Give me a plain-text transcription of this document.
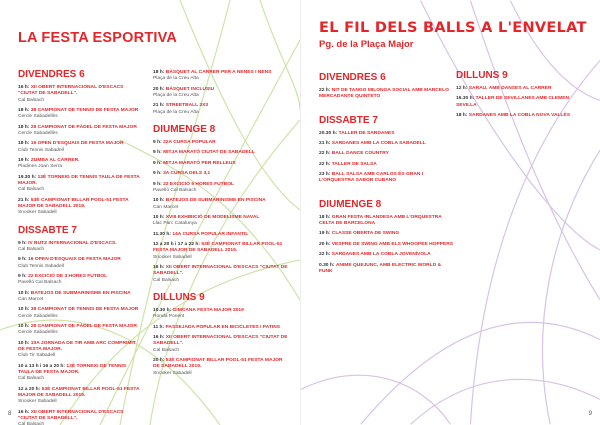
LA FESTA ESPORTIVA
DIVENDRES 6
16 h: XII OBERT INTERNACIONAL D'ESCACS "CIUTAT DE SABADELL".
Cal Balsach
18 h: 38 CAMPIONAT DE TENNIS DE FESTA MAJOR
Cercle Sabadellès
18 h: 28 CAMPIONAT DE PÀDEL DE FESTA MAJOR
Cercle Sabadellès
18 h: 16 OPEN D'ESQUAIX DE FESTA MAJOR
Club Tennis Sabadell
19 h: ZUMBA AL CARRER.
Pladines Joan Serra
19.30 h: 13È TORNEIG DE TENNIS TAULA DE FESTA MAJOR.
Cal Balsach
21 h: 53È CAMPIONAT BILLAR POOL-51 FESTA MAJOR DE SABADELL 2019.
Snooker Sabadell
DISSABTE 7
9 h: IV BUTZ INTERNACIONAL D'ESCACS.
Cal Balsach
9 h: 16 OPEN D'ESQUAIX DE FESTA MAJOR
Club Tennis Sabadell
9 h: 22 EXCICIÓ DE 3 HORES FUTBOL
Pavelló Cal Balsach
10 h: BATEJOS DE SUBMARINISME EN PISCINA
Can Marcet
10 h: 38 CAMPIONAT DE TENNIS DE FESTA MAJOR
Cercle Sabadellès
10 h: 28 CAMPIONAT DE PÀDEL DE FESTA MAJOR
Cercle Sabadellès
10 h: 10A JORNADA DE TIR AMB ARC COMPRIMIT DE FESTA MAJOR.
Club Tir Sabadell
10 a 13 h i 16 a 20 h: 13È TORNEIG DE TENNIS TAULA DE FESTA MAJOR.
Cal Balsach
12 a 20 h: 53È CAMPIONAT BILLAR POOL-51 FESTA MAJOR DE SABADELL 2019.
Snooker Sabadell
16 h: XII OBERT INTERNACIONAL D'ESCACS "CIUTAT DE SABADELL".
Cal Balsach
18 h: BÀSQUET AL CARRER PER A NENES I NENS
Plaça de la Creu Alta
20 h: BÀSQUET INCLUSIU
Plaça de la Creu Alta
21 h: STREETBALL 3X3
Plaça de la Creu Alta
DIUMENGE 8
9 h: 22A CURSA POPULAR
9 h: MITJA MARATÓ CIUTAT DE SABADELL
9 h: MITJA MARATÓ PER RELLEUS
9 h: 3A CURSA DELS 3,1
9 h: 22 EXCICIÓ 6 HORES FUTBOL
Pavelló Cal Balsach
10 h: BATEJOS DE SUBMARINISME EN PISCINA
Can Marcet
10 h: XVIII EXHIBICIÓ DE MODELISME NAVAL
Llac Parc Catalunya
11.30 h: 14A CURSA POPULAR INFANTIL
12 a 20 h i 17 a 22 h: 53È CAMPIONAT BILLAR POOL-51 FESTA MAJOR DE SABADELL 2019.
Snooker Sabadell
16 h: XII OBERT INTERNACIONAL D'ESCACS "CIUTAT DE SABADELL".
Cal Balsach
DILLUNS 9
10.30 h: GIMCANA FESTA MAJOR 2019
Ronda Ponent
11 h: PASSEJADA POPULAR EN BICICLETES I PATINS
16 h: XII OBERT INTERNACIONAL D'ESCACS "CIUTAT DE SABADELL".
Cal Balsach
20 h: 53È CAMPIONAT BILLAR POOL-51 FESTA MAJOR DE SABADELL 2019.
Snooker Sabadell
8
EL FIL DELS BALLS A L'ENVELAT
Pg. de la Plaça Major
DIVENDRES 6
22 h: NIT DE TANGO MILONGA SOCIAL AMB MARCELO MERCADANTE QUINTETO
DISSABTE 7
20.30 h: TALLER DE SARDANES
21 h: SARDANES AMB LA COBLA SABADELL
22 h: BALL DANCE COUNTRY
22 h: TALLER DE SALSA
23 h: BALL SALSA AMB CARLOS ÉS GRAN I L'ORQUESTRA SABOR CUBANO
DIUMENGE 8
18 h: GRAN FESTA IRLANDESA AMB L'ORQUESTRA CELTA DE BARCELONA
19 h: CLASSE OBERTA DE SWING
20 h: VESPRE DE SWING AMB ELS WHOOPEE HOPPERS
22 h: SARDANES AMB LA COBLA JOVENÍVOLA
0.30 h: ANIME QUEJUNC, AMB ELECTRIC WORLD & FUNK
DILLUNS 9
12 h: SARAU, AMB DANSES AL CARRER
16.30 h: TALLER DE SEVILLANES AMB CLEMEN SEVILLA
18 h: SARDANES AMB LA COBLA NOVA VALLÈS
9
